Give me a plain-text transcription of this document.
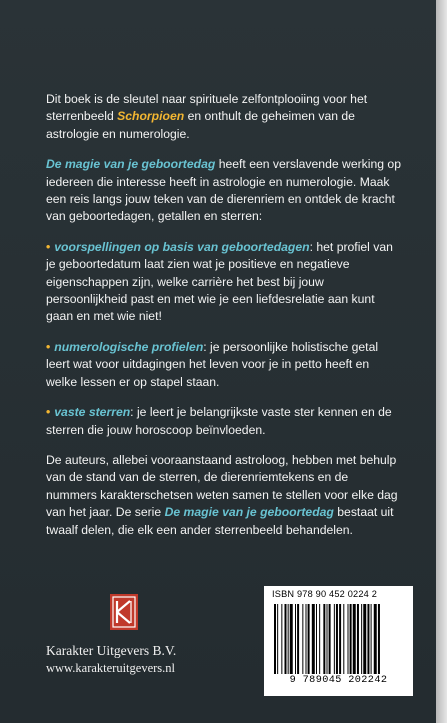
Dit boek is de sleutel naar spirituele zelfontplooiing voor het sterrenbeeld Schorpioen en onthult de geheimen van de astrologie en numerologie.

De magie van je geboortedag heeft een verslavende werking op iedereen die interesse heeft in astrologie en numerologie. Maak een reis langs jouw teken van de dierenriem en ontdek de kracht van geboortedagen, getallen en sterren:

• voorspellingen op basis van geboortedagen: het profiel van je geboortedatum laat zien wat je positieve en negatieve eigenschappen zijn, welke carrière het best bij jouw persoonlijkheid past en met wie je een liefdesrelatie aan kunt gaan en met wie niet!

• numerologische profielen: je persoonlijke holistische getal leert wat voor uitdagingen het leven voor je in petto heeft en welke lessen er op stapel staan.

• vaste sterren: je leert je belangrijkste vaste ster kennen en de sterren die jouw horoscoop beïnvloeden.

De auteurs, allebei vooraanstaand astroloog, hebben met behulp van de stand van de sterren, de dierenriemtekens en de nummers karakterschetsen weten samen te stellen voor elke dag van het jaar. De serie De magie van je geboortedag bestaat uit twaalf delen, die elk een ander sterrenbeeld behandelen.

Karakter Uitgevers B.V.
www.karakteruitgevers.nl
ISBN 978 90 452 0224 2
9 789045 202242
